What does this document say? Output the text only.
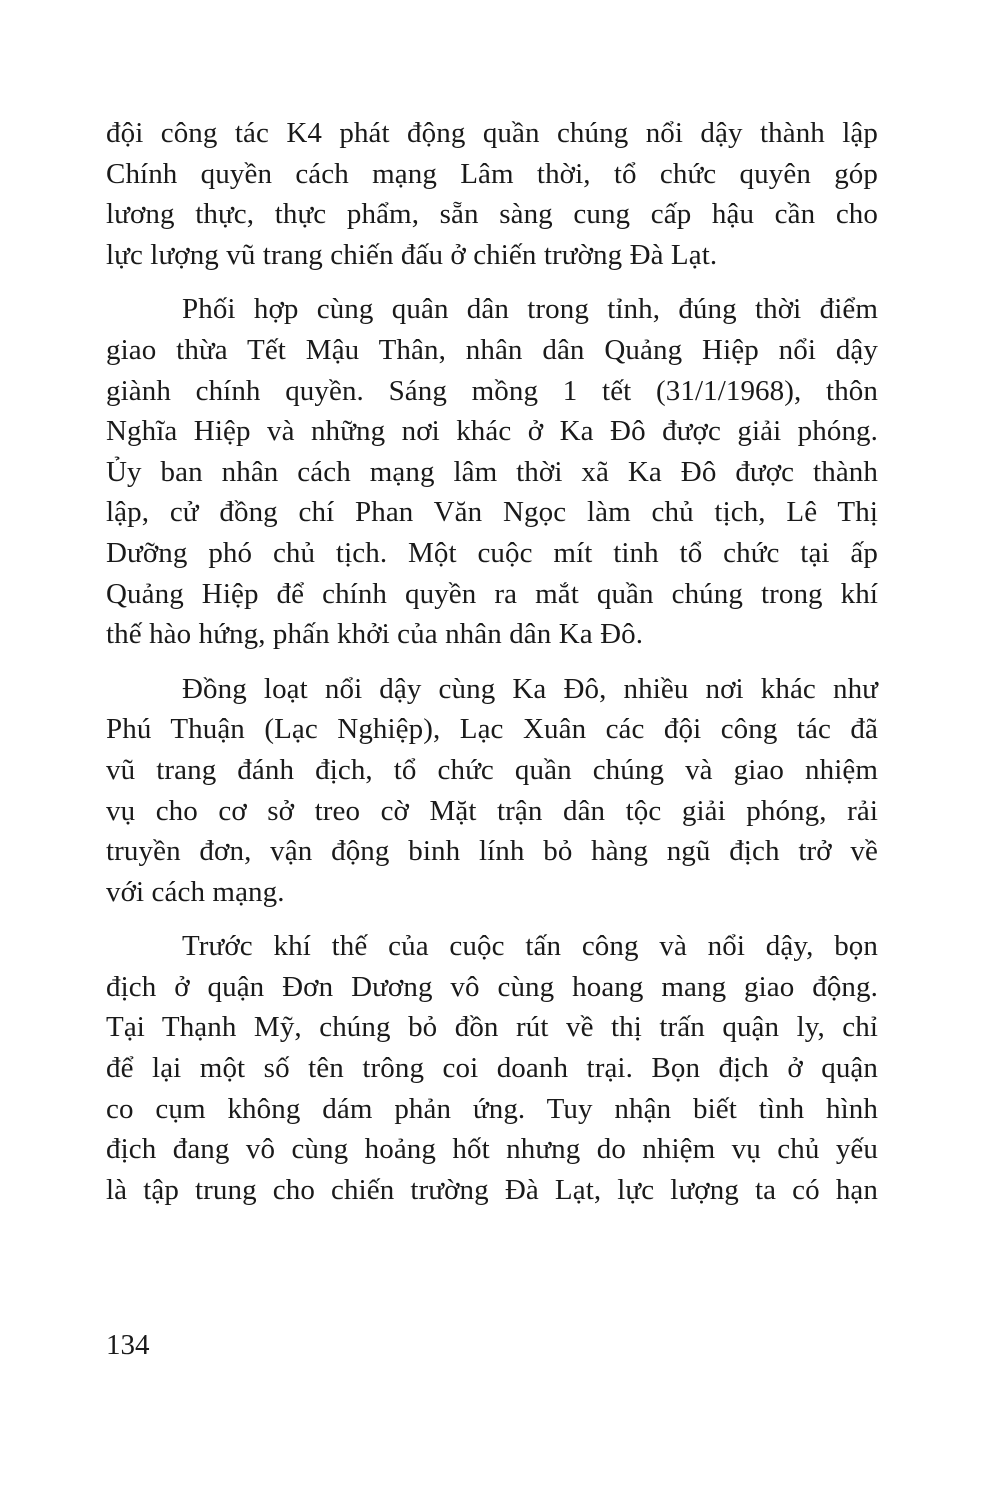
đội công tác K4 phát động quần chúng nổi dậy thành lập
Chính quyền cách mạng Lâm thời, tổ chức quyên góp
lương thực, thực phẩm, sẵn sàng cung cấp hậu cần cho
lực lượng vũ trang chiến đấu ở chiến trường Đà Lạt.

Phối hợp cùng quân dân trong tỉnh, đúng thời điểm
giao thừa Tết Mậu Thân, nhân dân Quảng Hiệp nổi dậy
giành chính quyền. Sáng mồng 1 tết (31/1/1968), thôn
Nghĩa Hiệp và những nơi khác ở Ka Đô được giải phóng.
Ủy ban nhân cách mạng lâm thời xã Ka Đô được thành
lập, cử đồng chí Phan Văn Ngọc làm chủ tịch, Lê Thị
Dưỡng phó chủ tịch. Một cuộc mít tinh tổ chức tại ấp
Quảng Hiệp để chính quyền ra mắt quần chúng trong khí
thế hào hứng, phấn khởi của nhân dân Ka Đô.

Đồng loạt nổi dậy cùng Ka Đô, nhiều nơi khác như
Phú Thuận (Lạc Nghiệp), Lạc Xuân các đội công tác đã
vũ trang đánh địch, tổ chức quần chúng và giao nhiệm
vụ cho cơ sở treo cờ Mặt trận dân tộc giải phóng, rải
truyền đơn, vận động binh lính bỏ hàng ngũ địch trở về
với cách mạng.

Trước khí thế của cuộc tấn công và nổi dậy, bọn
địch ở quận Đơn Dương vô cùng hoang mang giao động.
Tại Thạnh Mỹ, chúng bỏ đồn rút về thị trấn quận ly, chỉ
để lại một số tên trông coi doanh trại. Bọn địch ở quận
co cụm không dám phản ứng. Tuy nhận biết tình hình
địch đang vô cùng hoảng hốt nhưng do nhiệm vụ chủ yếu
là tập trung cho chiến trường Đà Lạt, lực lượng ta có hạn

134
